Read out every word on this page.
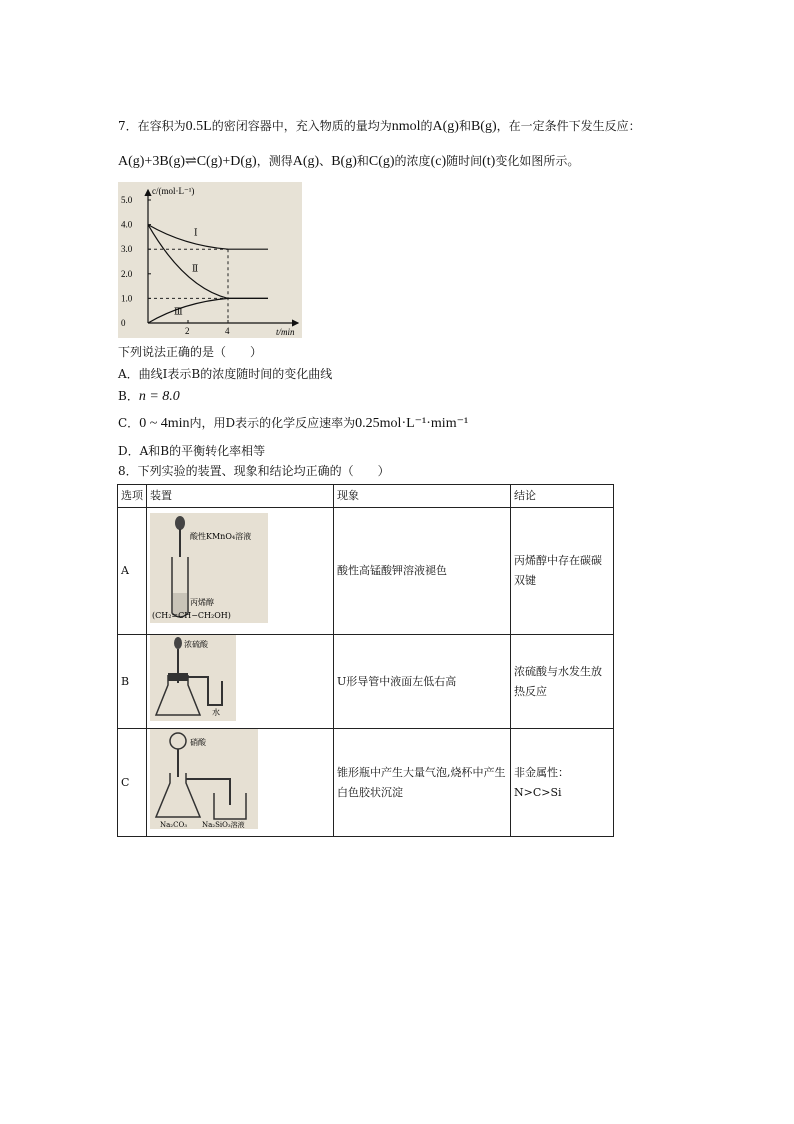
7．在容积为0.5L的密闭容器中，充入物质的量均为nmol的A(g)和B(g)，在一定条件下发生反应：
A(g)+3B(g)⇌C(g)+D(g)，测得A(g)、B(g)和C(g)的浓度(c)随时间(t)变化如图所示。
c/(mol·L⁻¹)
t/min
5.0
4.0
3.0
2.0
1.0
0
2	4
Ⅰ
Ⅱ
Ⅲ
下列说法正确的是（　　）
A．曲线Ⅰ表示B的浓度随时间的变化曲线
B．n = 8.0
C．0 ~ 4min内，用D表示的化学反应速率为0.25mol·L⁻¹·mim⁻¹
D．A和B的平衡转化率相等
8．下列实验的装置、现象和结论均正确的（　　）
选项	装置	现象	结论
A	酸性KMnO₄溶液
丙烯醇
(CH₂=CH−CH₂OH)	酸性高锰酸钾溶液褪色	丙烯醇中存在碳碳双键
B	浓硫酸
水	U形导管中液面左低右高	浓硫酸与水发生放热反应
C	硝酸
Na₂CO₃ Na₂SiO₃溶液	锥形瓶中产生大量气泡,烧杯中产生白色胶状沉淀	非金属性：N>C>Si
